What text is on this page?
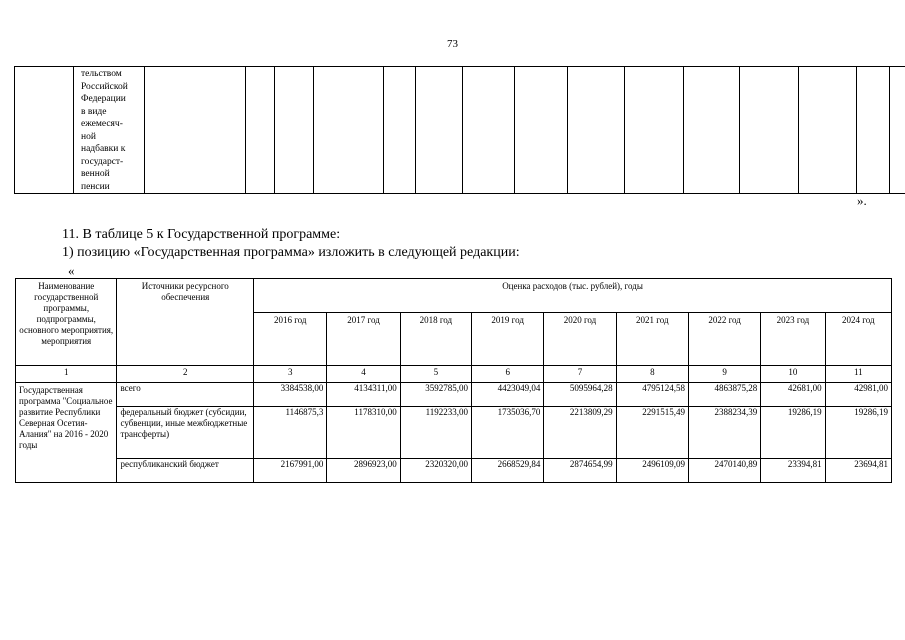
73

тельством
Российской
Федерации
в виде
ежемесяч-
ной
надбавки к
государст-
венной
пенсии

».
11. В таблице 5 к Государственной программе:
1) позицию «Государственная программа» изложить в следующей редакции:
«
Наименование государственной программы, подпрограммы, основного мероприятия, мероприятия	Источники ресурсного обеспечения	Оценка расходов (тыс. рублей), годы								
		2016 год	2017 год	2018 год	2019 год	2020 год	2021 год	2022 год	2023 год	2024 год
1	2	3	4	5	6	7	8	9	10	11
Государственная программа "Социальное развитие Республики Северная Осетия-Алания" на 2016 - 2020 годы	всего	3384538,00	4134311,00	3592785,00	4423049,04	5095964,28	4795124,58	4863875,28	42681,00	42981,00
	федеральный бюджет (субсидии, субвенции, иные межбюджетные трансферты)	1146875,3	1178310,00	1192233,00	1735036,70	2213809,29	2291515,49	2388234,39	19286,19	19286,19
	республиканский бюджет	2167991,00	2896923,00	2320320,00	2668529,84	2874654,99	2496109,09	2470140,89	23394,81	23694,81
